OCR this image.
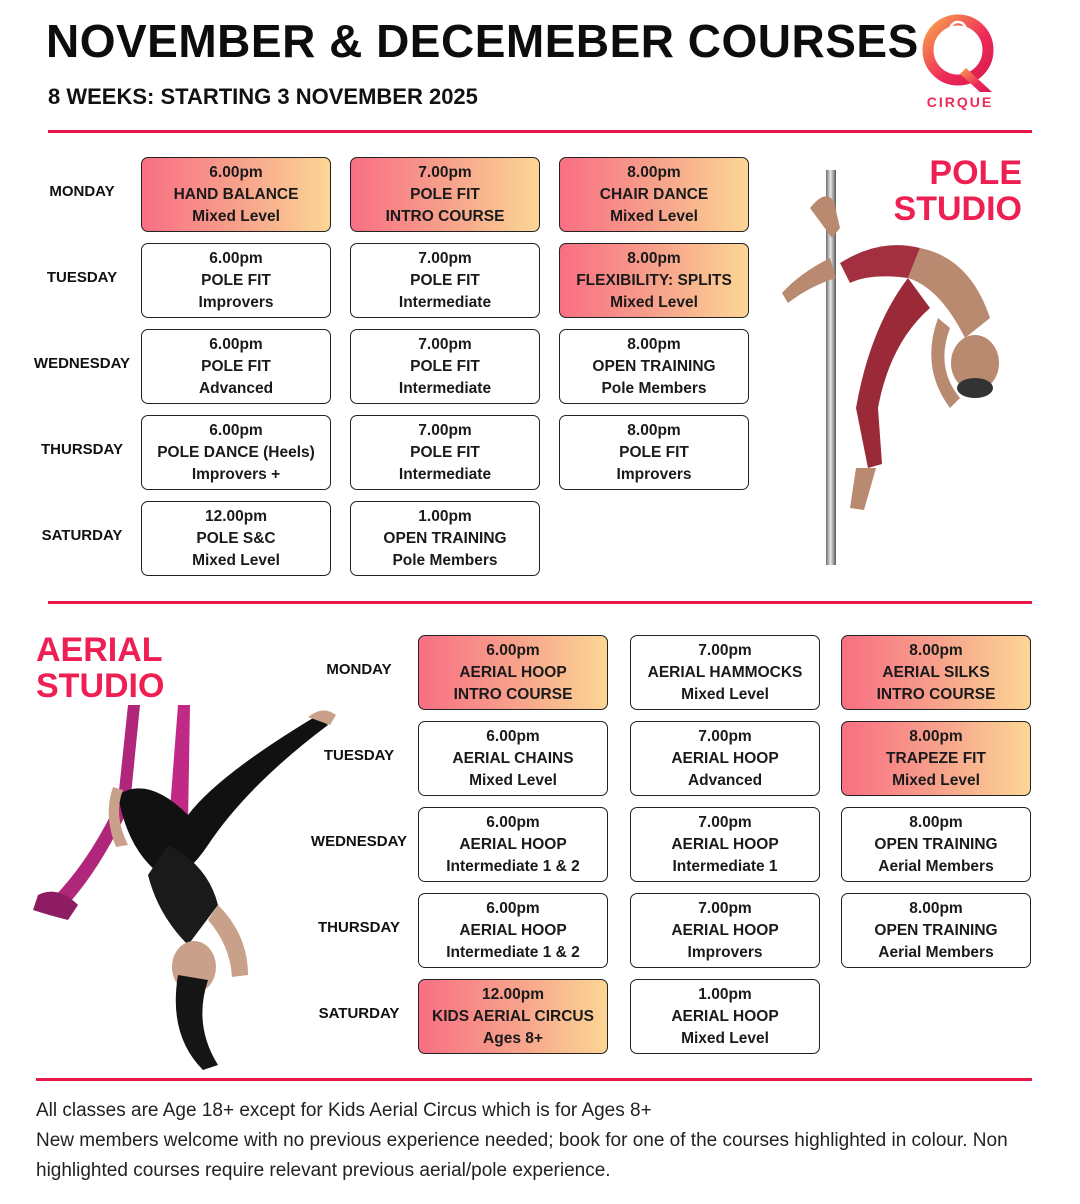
NOVEMBER & DECEMEBER COURSES
8 WEEKS: STARTING 3 NOVEMBER 2025	CIRQUE
POLE
STUDIO
MONDAY
TUESDAY
WEDNESDAY
THURSDAY
SATURDAY
6.00pm
HAND BALANCE
Mixed Level
7.00pm
POLE FIT
INTRO COURSE
8.00pm
CHAIR DANCE
Mixed Level
6.00pm
POLE FIT
Improvers
7.00pm
POLE FIT
Intermediate
8.00pm
FLEXIBILITY: SPLITS
Mixed Level
6.00pm
POLE FIT
Advanced
7.00pm
POLE FIT
Intermediate
8.00pm
OPEN TRAINING
Pole Members
6.00pm
POLE DANCE (Heels)
Improvers +
7.00pm
POLE FIT
Intermediate
8.00pm
POLE FIT
Improvers
12.00pm
POLE S&C
Mixed Level
1.00pm
OPEN TRAINING
Pole Members
AERIAL
STUDIO	MONDAY
TUESDAY
WEDNESDAY
THURSDAY
SATURDAY
6.00pm
AERIAL HOOP
INTRO COURSE
7.00pm
AERIAL HAMMOCKS
Mixed Level
8.00pm
AERIAL SILKS
INTRO COURSE
6.00pm
AERIAL CHAINS
Mixed Level
7.00pm
AERIAL HOOP
Advanced
8.00pm
TRAPEZE FIT
Mixed Level
6.00pm
AERIAL HOOP
Intermediate 1 & 2
7.00pm
AERIAL HOOP
Intermediate 1
8.00pm
OPEN TRAINING
Aerial Members
6.00pm
AERIAL HOOP
Intermediate 1 & 2
7.00pm
AERIAL HOOP
Improvers
8.00pm
OPEN TRAINING
Aerial Members
12.00pm
KIDS AERIAL CIRCUS
Ages 8+
1.00pm
AERIAL HOOP
Mixed Level

All classes are Age 18+ except for Kids Aerial Circus which is for Ages 8+

New members welcome with no previous experience needed; book for one of the courses highlighted in colour. Non highlighted courses require relevant previous aerial/pole experience.
